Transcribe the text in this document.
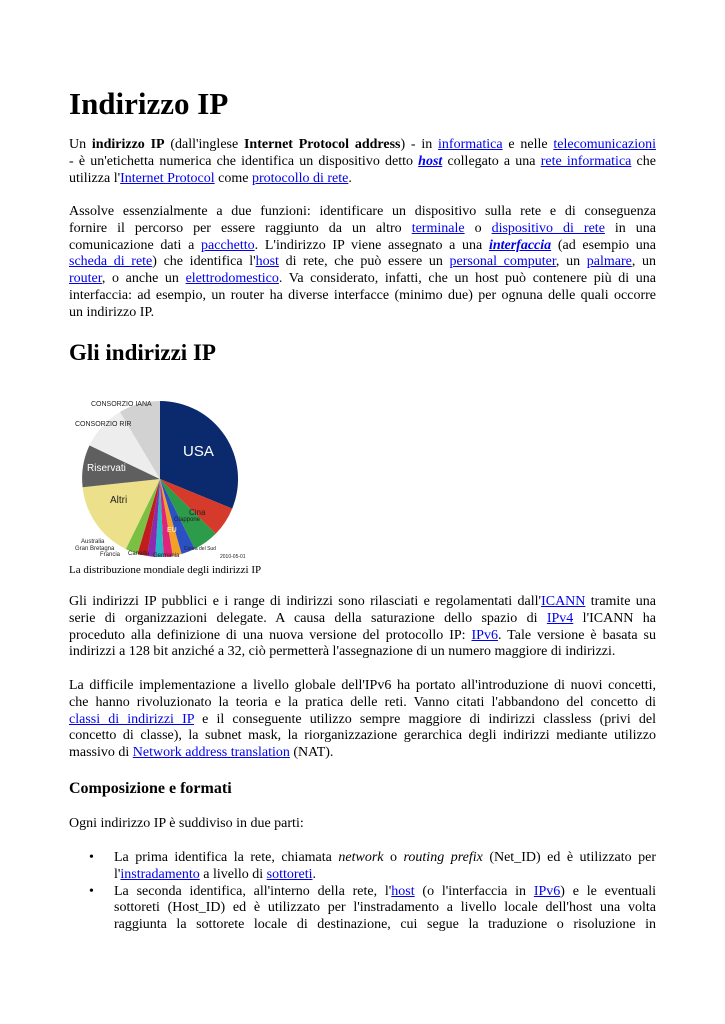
Indirizzo IP
Un indirizzo IP (dall'inglese Internet Protocol address) - in informatica e nelle telecomunicazioni
- è un'etichetta numerica che identifica un dispositivo detto host collegato a una rete informatica che
utilizza l'Internet Protocol come protocollo di rete.
Assolve essenzialmente a due funzioni: identificare un dispositivo sulla rete e di conseguenza
fornire il percorso per essere raggiunto da un altro terminale o dispositivo di rete in una
comunicazione dati a pacchetto. L'indirizzo IP viene assegnato a una interfaccia (ad esempio una
scheda di rete) che identifica l'host di rete, che può essere un personal computer, un palmare, un
router, o anche un elettrodomestico. Va considerato, infatti, che un host può contenere più di una
interfaccia: ad esempio, un router ha diverse interfacce (minimo due) per ognuna delle quali occorre
un indirizzo IP.
Gli indirizzi IP
CONSORZIO IANA
CONSORZIO RIR
Riservati
Altri
USA
Cina
Giappone
EU
Corea del Sud
Germania
Canada
Francia
Gran Bretagna
Australia
2010-05-01

La distribuzione mondiale degli indirizzi IP

Gli indirizzi IP pubblici e i range di indirizzi sono rilasciati e regolamentati dall'ICANN tramite una
serie di organizzazioni delegate. A causa della saturazione dello spazio di IPv4 l'ICANN ha
proceduto alla definizione di una nuova versione del protocollo IP: IPv6. Tale versione è basata su
indirizzi a 128 bit anziché a 32, ciò permetterà l'assegnazione di un numero maggiore di indirizzi.
La difficile implementazione a livello globale dell'IPv6 ha portato all'introduzione di nuovi concetti,
che hanno rivoluzionato la teoria e la pratica delle reti. Vanno citati l'abbandono del concetto di
classi di indirizzi IP e il conseguente utilizzo sempre maggiore di indirizzi classless (privi del
concetto di classe), la subnet mask, la riorganizzazione gerarchica degli indirizzi mediante utilizzo
massivo di Network address translation (NAT).
Composizione e formati
Ogni indirizzo IP è suddiviso in due parti:
• La prima identifica la rete, chiamata network o routing prefix (Net_ID) ed è utilizzato per
l'instradamento a livello di sottoreti.
• La seconda identifica, all'interno della rete, l'host (o l'interfaccia in IPv6) e le eventuali
sottoreti (Host_ID) ed è utilizzato per l'instradamento a livello locale dell'host una volta
raggiunta la sottorete locale di destinazione, cui segue la traduzione o risoluzione in
